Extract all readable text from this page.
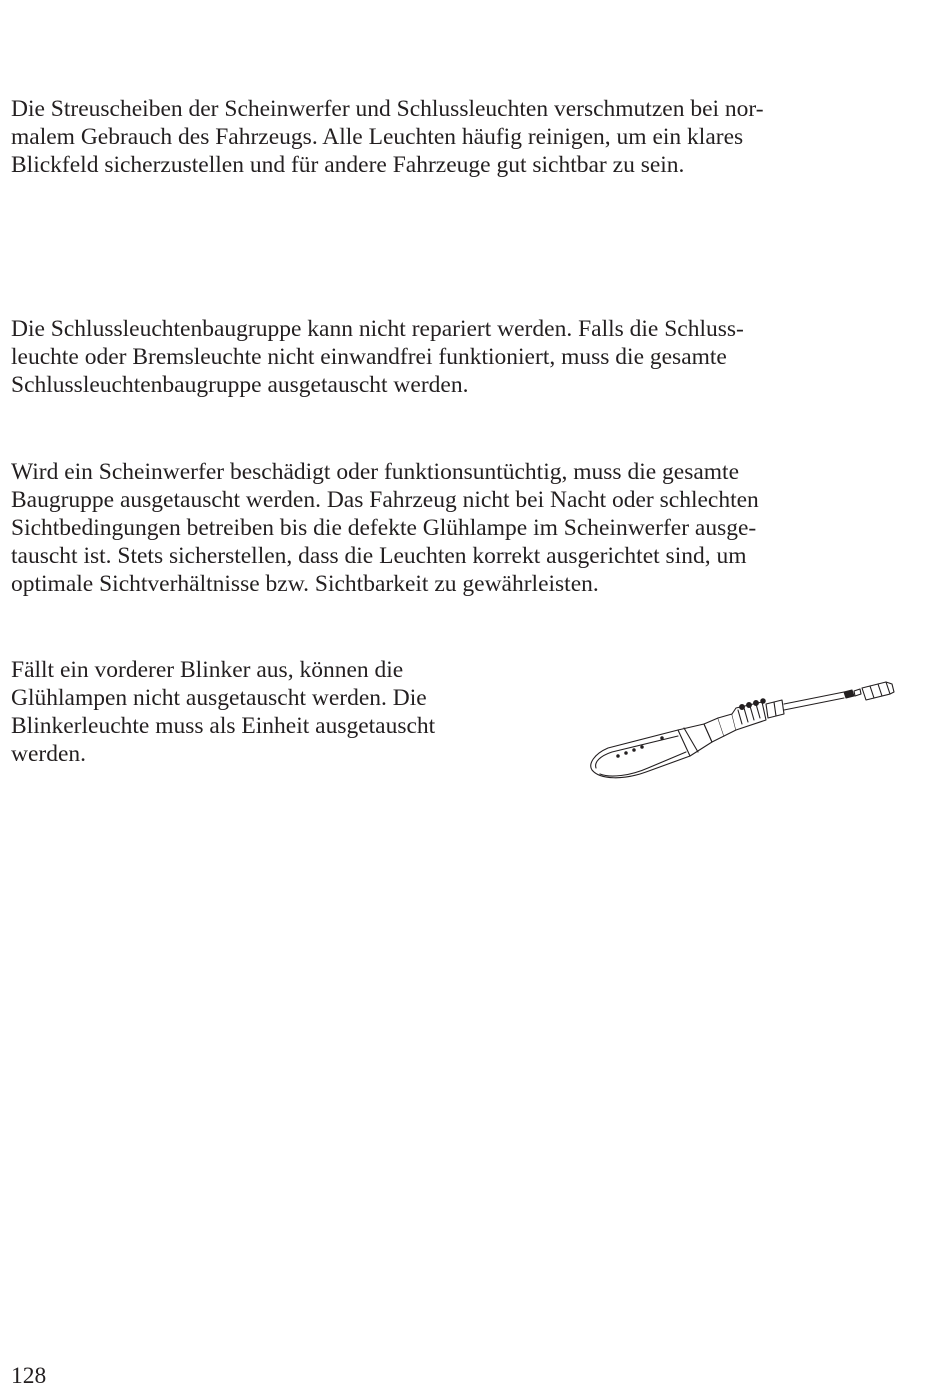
Die Streuscheiben der Scheinwerfer und Schlussleuchten verschmutzen bei nor-
malem Gebrauch des Fahrzeugs. Alle Leuchten häufig reinigen, um ein klares
Blickfeld sicherzustellen und für andere Fahrzeuge gut sichtbar zu sein.

Die Schlussleuchtenbaugruppe kann nicht repariert werden. Falls die Schluss-
leuchte oder Bremsleuchte nicht einwandfrei funktioniert, muss die gesamte
Schlussleuchtenbaugruppe ausgetauscht werden.

Wird ein Scheinwerfer beschädigt oder funktionsuntüchtig, muss die gesamte
Baugruppe ausgetauscht werden. Das Fahrzeug nicht bei Nacht oder schlechten
Sichtbedingungen betreiben bis die defekte Glühlampe im Scheinwerfer ausge-
tauscht ist. Stets sicherstellen, dass die Leuchten korrekt ausgerichtet sind, um
optimale Sichtverhältnisse bzw. Sichtbarkeit zu gewährleisten.

Fällt ein vorderer Blinker aus, können die
Glühlampen nicht ausgetauscht werden. Die
Blinkerleuchte muss als Einheit ausgetauscht
werden.

128
